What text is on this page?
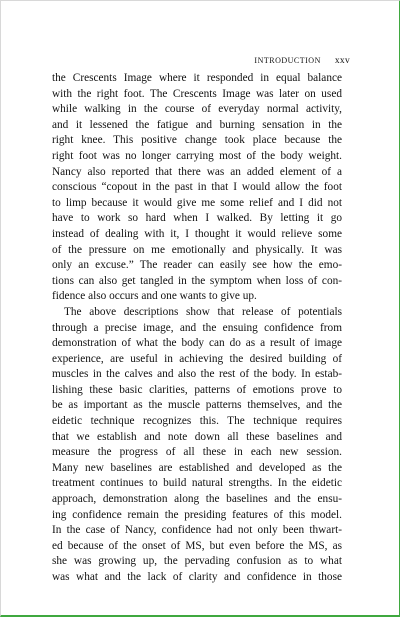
INTRODUCTION xxv
the Crescents Image where it responded in equal balance
with the right foot. The Crescents Image was later on used
while walking in the course of everyday normal activity,
and it lessened the fatigue and burning sensation in the
right knee. This positive change took place because the
right foot was no longer carrying most of the body weight.
Nancy also reported that there was an added element of a
conscious “copout in the past in that I would allow the foot
to limp because it would give me some relief and I did not
have to work so hard when I walked. By letting it go
instead of dealing with it, I thought it would relieve some
of the pressure on me emotionally and physically. It was
only an excuse.” The reader can easily see how the emo-
tions can also get tangled in the symptom when loss of con-
fidence also occurs and one wants to give up.
The above descriptions show that release of potentials
through a precise image, and the ensuing confidence from
demonstration of what the body can do as a result of image
experience, are useful in achieving the desired building of
muscles in the calves and also the rest of the body. In estab-
lishing these basic clarities, patterns of emotions prove to
be as important as the muscle patterns themselves, and the
eidetic technique recognizes this. The technique requires
that we establish and note down all these baselines and
measure the progress of all these in each new session.
Many new baselines are established and developed as the
treatment continues to build natural strengths. In the eidetic
approach, demonstration along the baselines and the ensu-
ing confidence remain the presiding features of this model.
In the case of Nancy, confidence had not only been thwart-
ed because of the onset of MS, but even before the MS, as
she was growing up, the pervading confusion as to what
was what and the lack of clarity and confidence in those
